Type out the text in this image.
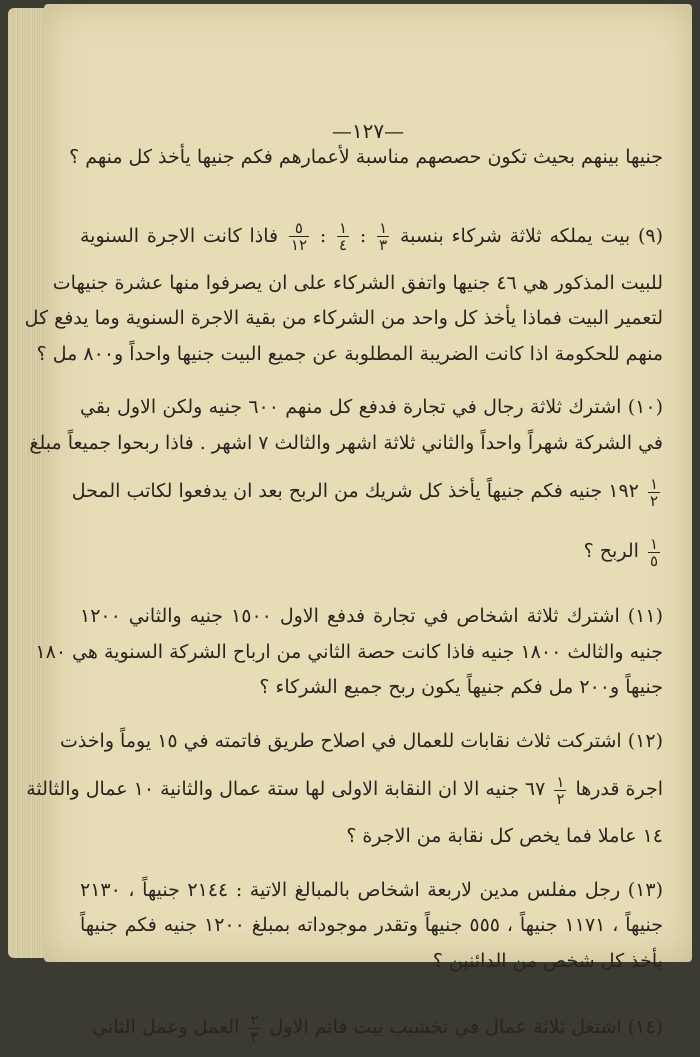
—١٢٧—
جنيها بينهم بحيث تكون حصصهم مناسبة لأعمارهم فكم جنيها يأخذ كل منهم ؟
(٩) بيت يملكه ثلاثة شركاء بنسبة
$\frac{١}{٣}$
:
$\frac{١}{٤}$
:
$\frac{٥}{١٢}$
فاذا كانت الاجرة السنوية
للبيت المذكور هي ٤٦ جنيها واتفق الشركاء على ان يصرفوا منها عشرة جنيهات
لتعمير البيت فماذا يأخذ كل واحد من الشركاء من بقية الاجرة السنوية وما يدفع كل
منهم للحكومة اذا كانت الضريبة المطلوبة عن جميع البيت جنيها واحداً و٨٠٠ مل ؟
(١٠) اشترك ثلاثة رجال في تجارة فدفع كل منهم ٦٠٠ جنيه ولكن الاول بقي
في الشركة شهراً واحداً والثاني ثلاثة اشهر والثالث ٧ اشهر . فاذا ربحوا جميعاً مبلغ
$\frac{١}{٢}$
١٩٢ جنيه فكم جنيهاً يأخذ كل شريك من الربح بعد ان يدفعوا لكاتب المحل
$\frac{١}{٥}$
الربح ؟
(١١) اشترك ثلاثة اشخاص في تجارة فدفع الاول ١٥٠٠ جنيه والثاني ١٢٠٠
جنيه والثالث ١٨٠٠ جنيه فاذا كانت حصة الثاني من ارباح الشركة السنوية هي ١٨٠
جنيهاً و٢٠٠ مل فكم جنيهاً يكون ربح جميع الشركاء ؟
(١٢) اشتركت ثلاث نقابات للعمال في اصلاح طريق فاتمته في ١٥ يوماً واخذت
اجرة قدرها
$\frac{١}{٢}$
٦٧ جنيه الا ان النقابة الاولى لها ستة عمال والثانية ١٠ عمال والثالثة
١٤ عاملا فما يخص كل نقابة من الاجرة ؟
(١٣) رجل مفلس مدين لاربعة اشخاص بالمبالغ الاتية : ٢١٤٤ جنيهاً ، ٢١٣٠
جنيهاً ، ١١٧١ جنيهاً ، ٥٥٥ جنيهاً وتقدر موجوداته بمبلغ ١٢٠٠ جنيه فكم جنيهاً
يأخذ كل شخص من الدائنين ؟
(١٤) اشتغل ثلاثة عمال في تخشيب بيت فاتم الاول
$\frac{٢}{٣}$
العمل وعمل الثاني
